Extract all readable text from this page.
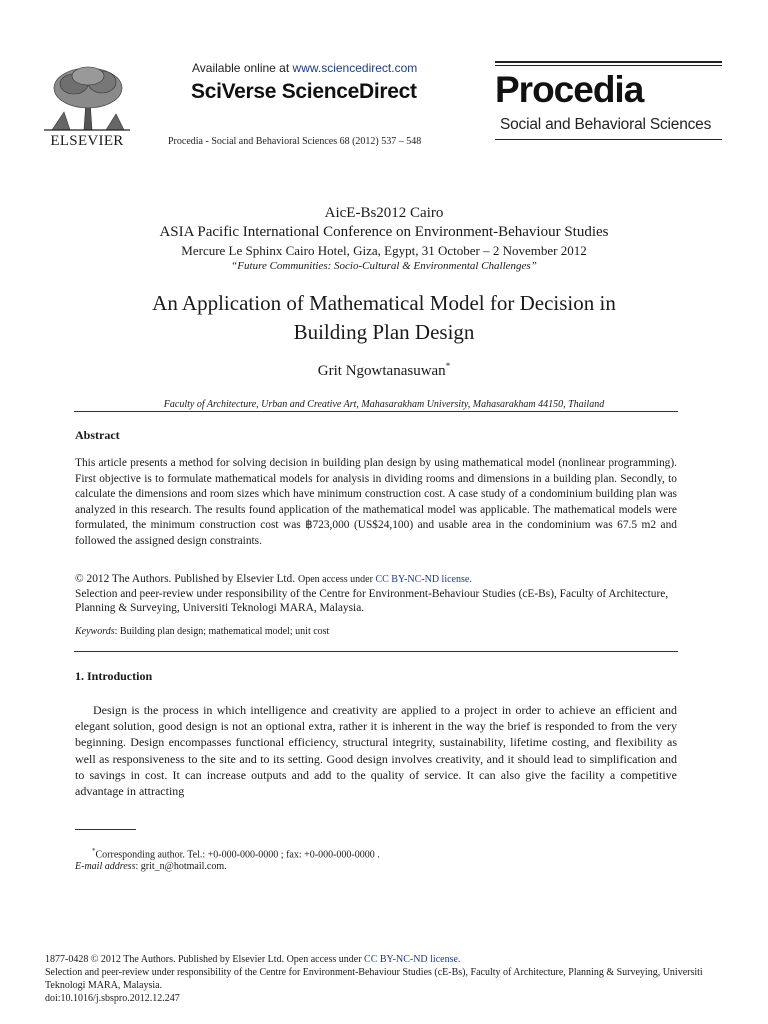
ELSEVIER
Available online at www.sciencedirect.com
SciVerse ScienceDirect
Procedia - Social and Behavioral Sciences 68 (2012) 537 – 548
Procedia
Social and Behavioral Sciences
AicE-Bs2012 Cairo
ASIA Pacific International Conference on Environment-Behaviour Studies
Mercure Le Sphinx Cairo Hotel, Giza, Egypt, 31 October – 2 November 2012
“Future Communities: Socio-Cultural & Environmental Challenges”
An Application of Mathematical Model for Decision in
Building Plan Design
Grit Ngowtanasuwan*
Faculty of Architecture, Urban and Creative Art, Mahasarakham University, Mahasarakham 44150, Thailand
Abstract
This article presents a method for solving decision in building plan design by using mathematical model (nonlinear programming). First objective is to formulate mathematical models for analysis in dividing rooms and dimensions in a building plan. Secondly, to calculate the dimensions and room sizes which have minimum construction cost. A case study of a condominium building plan was analyzed in this research. The results found application of the mathematical model was applicable. The mathematical models were formulated, the minimum construction cost was ฿723,000 (US$24,100) and usable area in the condominium was 67.5 m2 and followed the assigned design constraints.
© 2012 The Authors. Published by Elsevier Ltd. Open access under CC BY-NC-ND license.
Selection and peer-review under responsibility of the Centre for Environment-Behaviour Studies (cE-Bs), Faculty of Architecture, Planning & Surveying, Universiti Teknologi MARA, Malaysia.
Keywords: Building plan design; mathematical model; unit cost
1. Introduction
Design is the process in which intelligence and creativity are applied to a project in order to achieve an efficient and elegant solution, good design is not an optional extra, rather it is inherent in the way the brief is responded to from the very beginning. Design encompasses functional efficiency, structural integrity, sustainability, lifetime costing, and flexibility as well as responsiveness to the site and to its setting. Good design involves creativity, and it should lead to simplification and to savings in cost. It can increase outputs and add to the quality of service. It can also give the facility a competitive advantage in attracting
*Corresponding author. Tel.: +0-000-000-0000 ; fax: +0-000-000-0000 .
E-mail address: grit_n@hotmail.com.
1877-0428 © 2012 The Authors. Published by Elsevier Ltd. Open access under CC BY-NC-ND license.
Selection and peer-review under responsibility of the Centre for Environment-Behaviour Studies (cE-Bs), Faculty of Architecture, Planning & Surveying, Universiti Teknologi MARA, Malaysia.
doi:10.1016/j.sbspro.2012.12.247
